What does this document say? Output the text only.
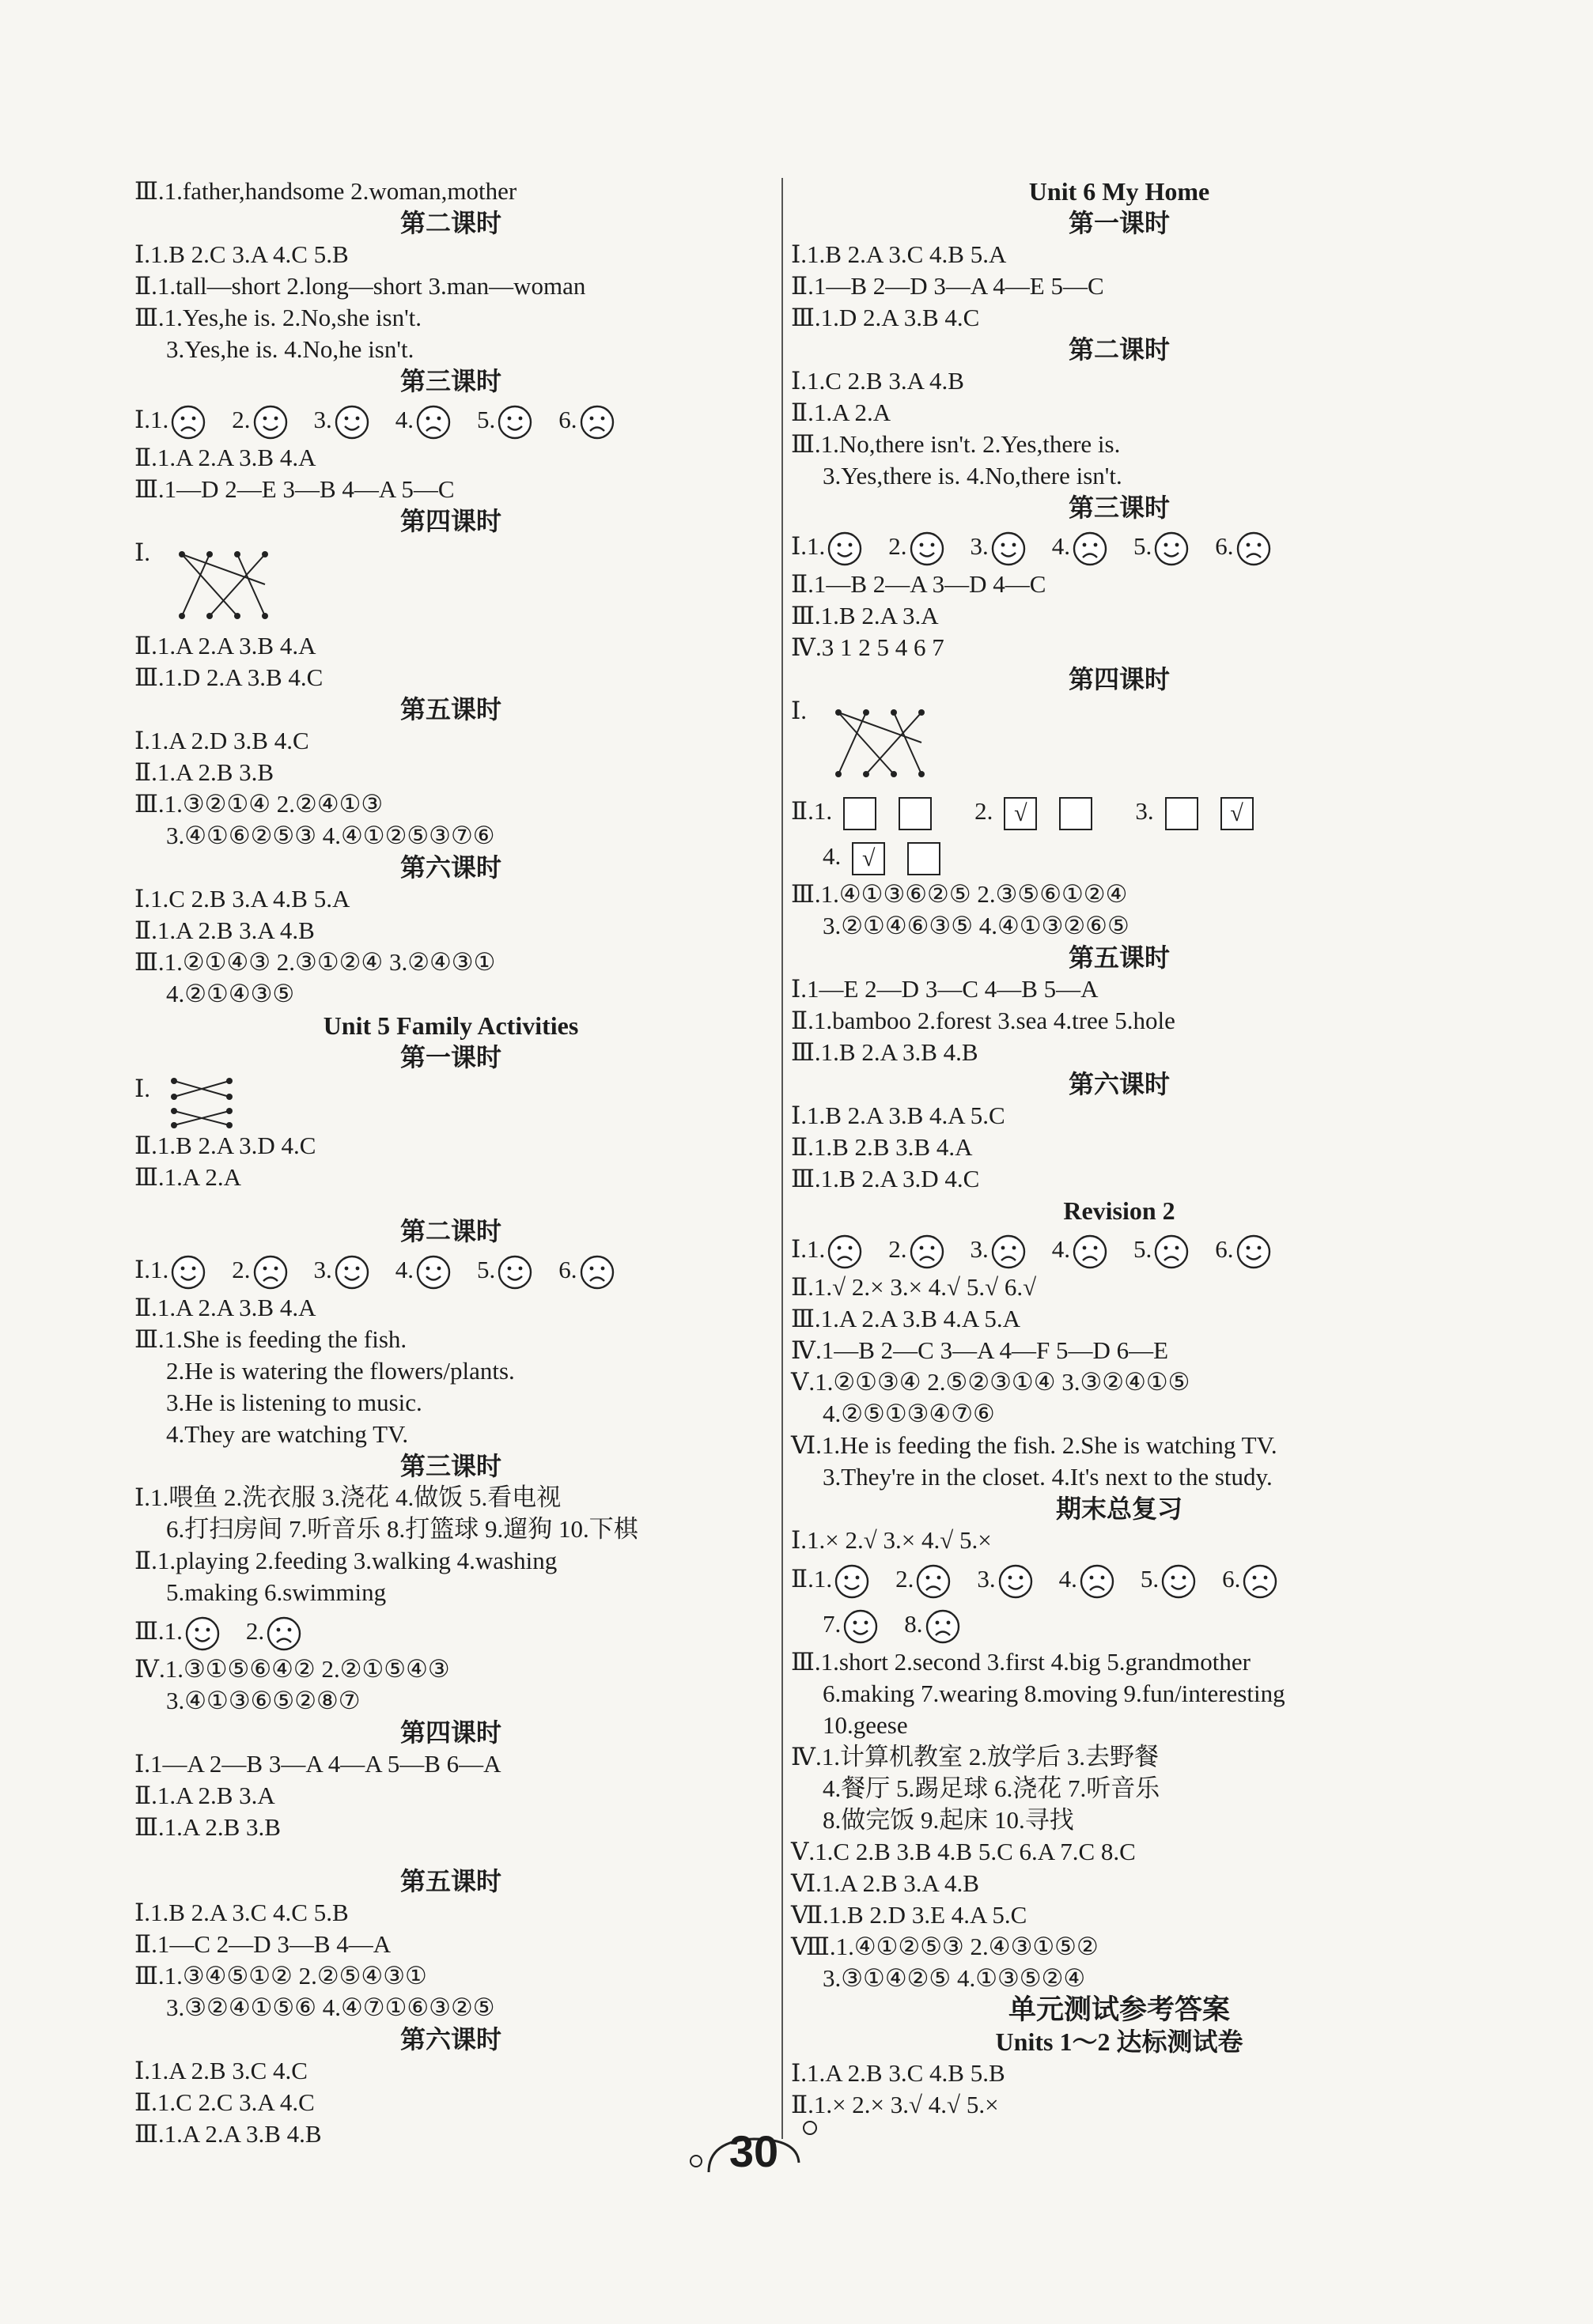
Ⅲ.1.father,handsome 2.woman,mother
第二课时
Ⅰ.1.B 2.C 3.A 4.C 5.B
Ⅱ.1.tall—short 2.long—short 3.man—woman
Ⅲ.1.Yes,he is. 2.No,she isn't.
3.Yes,he is. 4.No,he isn't.
第三课时
Ⅰ.1.	2.	3.	4.	5.	6.
Ⅱ.1.A 2.A 3.B 4.A
Ⅲ.1—D 2—E 3—B 4—A 5—C
第四课时
Ⅰ.
Ⅱ.1.A 2.A 3.B 4.A
Ⅲ.1.D 2.A 3.B 4.C
第五课时
Ⅰ.1.A 2.D 3.B 4.C
Ⅱ.1.A 2.B 3.B
Ⅲ.1.③②①④ 2.②④①③
3.④①⑥②⑤③ 4.④①②⑤③⑦⑥
第六课时
Ⅰ.1.C 2.B 3.A 4.B 5.A
Ⅱ.1.A 2.B 3.A 4.B
Ⅲ.1.②①④③ 2.③①②④ 3.②④③①
4.②①④③⑤
Unit 5 Family Activities
第一课时
Ⅰ.
Ⅱ.1.B 2.A 3.D 4.C
Ⅲ.1.A 2.A
第二课时
Ⅰ.1.	2.	3.	4.	5.	6.
Ⅱ.1.A 2.A 3.B 4.A
Ⅲ.1.She is feeding the fish.
2.He is watering the flowers/plants.
3.He is listening to music.
4.They are watching TV.
第三课时
Ⅰ.1.喂鱼 2.洗衣服 3.浇花 4.做饭 5.看电视
6.打扫房间 7.听音乐 8.打篮球 9.遛狗 10.下棋
Ⅱ.1.playing 2.feeding 3.walking 4.washing
5.making 6.swimming
Ⅲ.1.	2.
Ⅳ.1.③①⑤⑥④② 2.②①⑤④③
3.④①③⑥⑤②⑧⑦
第四课时
Ⅰ.1—A 2—B 3—A 4—A 5—B 6—A
Ⅱ.1.A 2.B 3.A
Ⅲ.1.A 2.B 3.B
第五课时
Ⅰ.1.B 2.A 3.C 4.C 5.B
Ⅱ.1—C 2—D 3—B 4—A
Ⅲ.1.③④⑤①② 2.②⑤④③①
3.③②④①⑤⑥ 4.④⑦①⑥③②⑤
第六课时
Ⅰ.1.A 2.B 3.C 4.C
Ⅱ.1.C 2.C 3.A 4.C
Ⅲ.1.A 2.A 3.B 4.B
Unit 6 My Home
第一课时
Ⅰ.1.B 2.A 3.C 4.B 5.A
Ⅱ.1—B 2—D 3—A 4—E 5—C
Ⅲ.1.D 2.A 3.B 4.C
第二课时
Ⅰ.1.C 2.B 3.A 4.B
Ⅱ.1.A 2.A
Ⅲ.1.No,there isn't. 2.Yes,there is.
3.Yes,there is. 4.No,there isn't.
第三课时
Ⅰ.1.	2.	3.	4.	5.	6.
Ⅱ.1—B 2—A 3—D 4—C
Ⅲ.1.B 2.A 3.A
Ⅳ.3 1 2 5 4 6 7
第四课时
Ⅰ.
Ⅱ.1.	2. √	3.	√
4. √
Ⅲ.1.④①③⑥②⑤ 2.③⑤⑥①②④
3.②①④⑥③⑤ 4.④①③②⑥⑤
第五课时
Ⅰ.1—E 2—D 3—C 4—B 5—A
Ⅱ.1.bamboo 2.forest 3.sea 4.tree 5.hole
Ⅲ.1.B 2.A 3.B 4.B
第六课时
Ⅰ.1.B 2.A 3.B 4.A 5.C
Ⅱ.1.B 2.B 3.B 4.A
Ⅲ.1.B 2.A 3.D 4.C
Revision 2
Ⅰ.1.	2.	3.	4.	5.	6.
Ⅱ.1.√ 2.× 3.× 4.√ 5.√ 6.√
Ⅲ.1.A 2.A 3.B 4.A 5.A
Ⅳ.1—B 2—C 3—A 4—F 5—D 6—E
Ⅴ.1.②①③④ 2.⑤②③①④ 3.③②④①⑤
4.②⑤①③④⑦⑥
Ⅵ.1.He is feeding the fish. 2.She is watching TV.
3.They're in the closet. 4.It's next to the study.
期末总复习
Ⅰ.1.× 2.√ 3.× 4.√ 5.×
Ⅱ.1.	2.	3.	4.	5.	6.
7.	8.
Ⅲ.1.short 2.second 3.first 4.big 5.grandmother
6.making 7.wearing 8.moving 9.fun/interesting
10.geese
Ⅳ.1.计算机教室 2.放学后 3.去野餐
4.餐厅 5.踢足球 6.浇花 7.听音乐
8.做完饭 9.起床 10.寻找
Ⅴ.1.C 2.B 3.B 4.B 5.C 6.A 7.C 8.C
Ⅵ.1.A 2.B 3.A 4.B
Ⅶ.1.B 2.D 3.E 4.A 5.C
Ⅷ.1.④①②⑤③ 2.④③①⑤②
3.③①④②⑤ 4.①③⑤②④
单元测试参考答案
Units 1～2 达标测试卷
Ⅰ.1.A 2.B 3.C 4.B 5.B
Ⅱ.1.× 2.× 3.√ 4.√ 5.×
30
